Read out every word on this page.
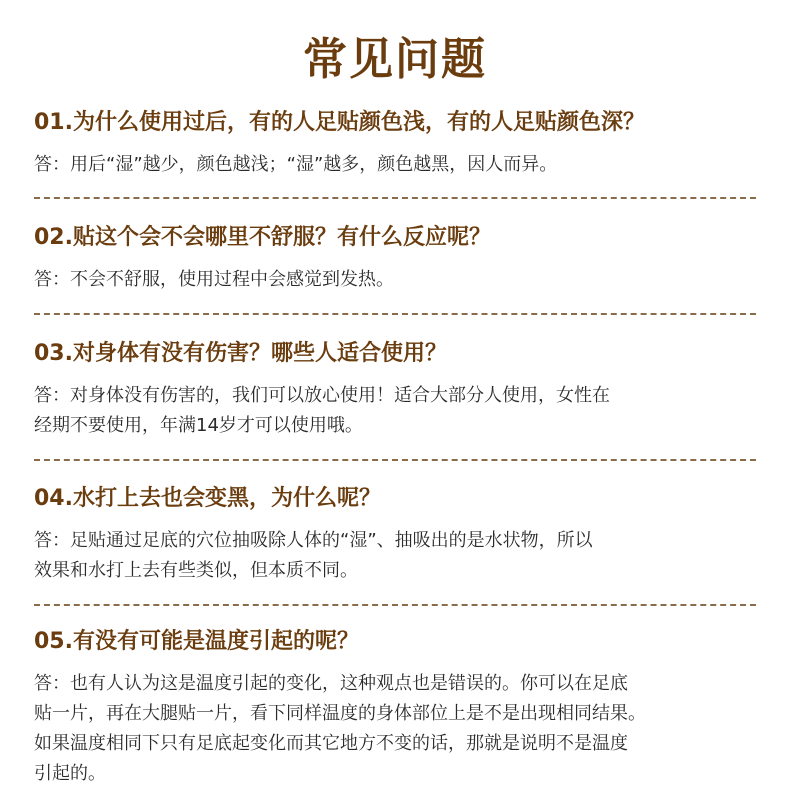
常见问题
01.为什么使用过后，有的人足贴颜色浅，有的人足贴颜色深？
答：用后“湿”越少，颜色越浅；“湿”越多，颜色越黑，因人而异。
02.贴这个会不会哪里不舒服？有什么反应呢？
答：不会不舒服，使用过程中会感觉到发热。
03.对身体有没有伤害？哪些人适合使用？
答：对身体没有伤害的，我们可以放心使用！适合大部分人使用，女性在
经期不要使用，年满14岁才可以使用哦。
04.水打上去也会变黑，为什么呢？
答：足贴通过足底的穴位抽吸除人体的“湿”、抽吸出的是水状物，所以
效果和水打上去有些类似，但本质不同。
05.有没有可能是温度引起的呢？
答：也有人认为这是温度引起的变化，这种观点也是错误的。你可以在足底
贴一片，再在大腿贴一片，看下同样温度的身体部位上是不是出现相同结果。
如果温度相同下只有足底起变化而其它地方不变的话，那就是说明不是温度
引起的。
